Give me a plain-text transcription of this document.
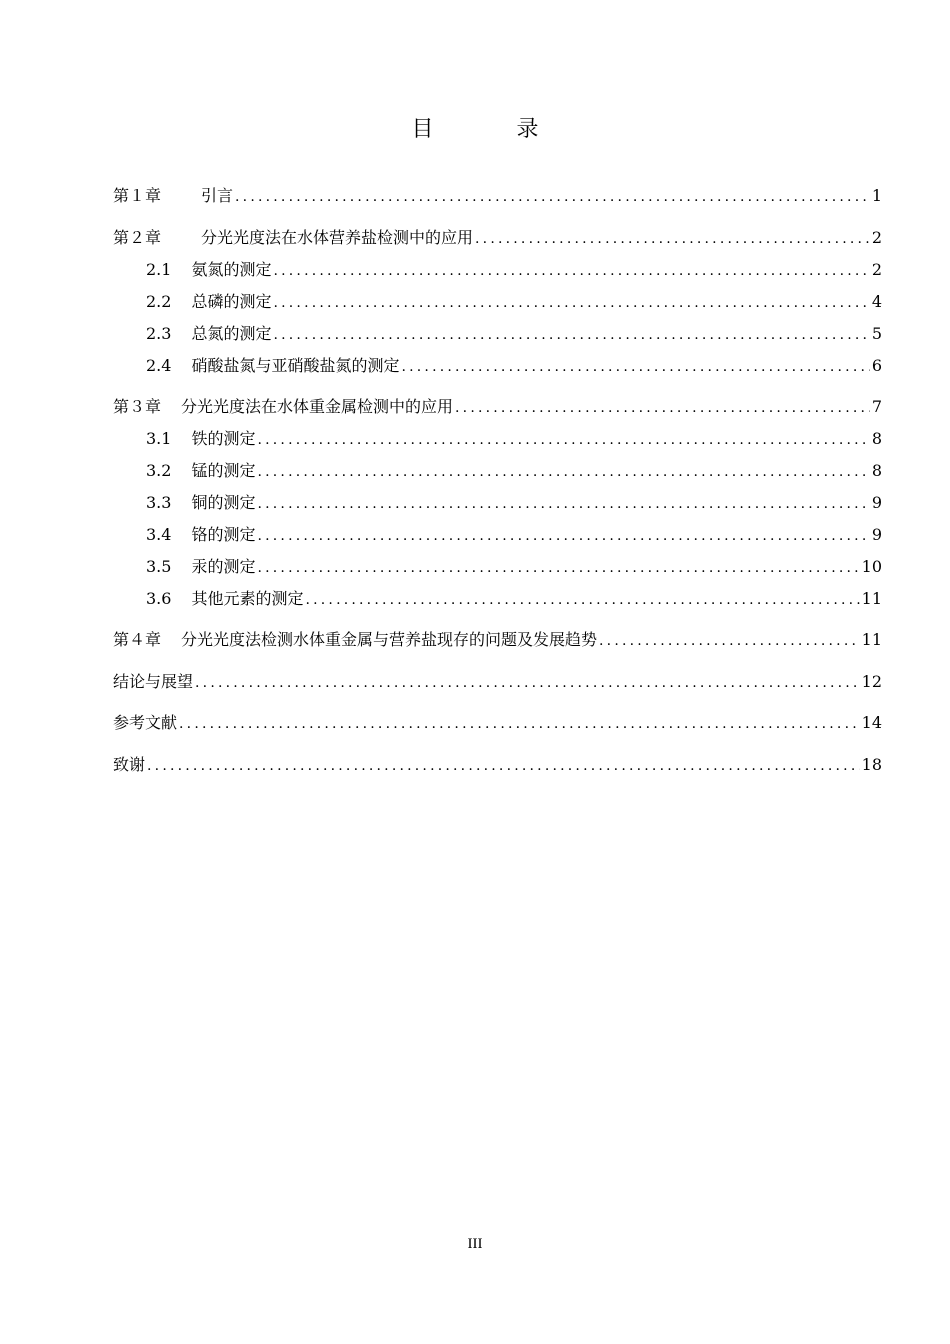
目 录
第１章	引言 .....	1
第２章	分光光度法在水体营养盐检测中的应用 .....	2
2.1 氨氮的测定 .....	2
2.2 总磷的测定 .....	4
2.3 总氮的测定 .....	5
2.4 硝酸盐氮与亚硝酸盐氮的测定 .....	6
第３章 分光光度法在水体重金属检测中的应用 .....	7
3.1 铁的测定 .....	8
3.2 锰的测定 .....	8
3.3 铜的测定 .....	9
3.4 铬的测定 .....	9
3.5 汞的测定 .....	10
3.6 其他元素的测定 .....	11
第４章 分光光度法检测水体重金属与营养盐现存的问题及发展趋势 .....	11
结论与展望 .....	12
参考文献 .....	14
致谢 .....	18
III
